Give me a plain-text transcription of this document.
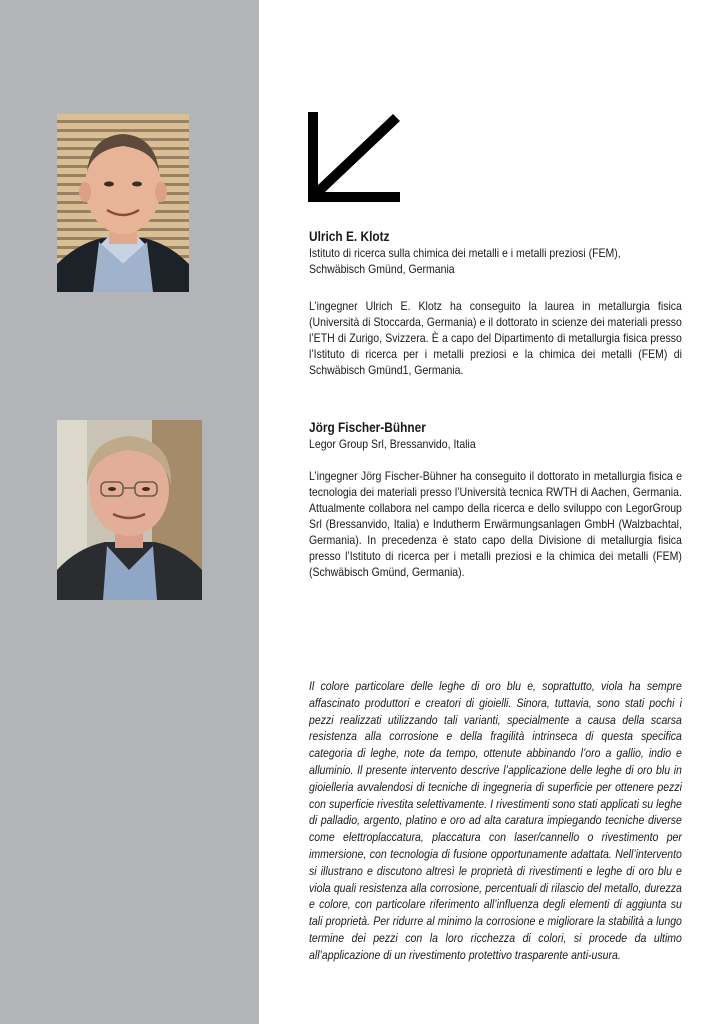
Ulrich E. Klotz

Istituto di ricerca sulla chimica dei metalli e i metalli preziosi (FEM),

Schwäbisch Gmünd, Germania

L’ingegner Ulrich E. Klotz ha conseguito la laurea in metallurgia fisica (Università di Stoccarda, Germania) e il dottorato in scienze dei materiali presso l’ETH di Zurigo, Svizzera. È a capo del Dipartimento di metallurgia fisica presso l’Istituto di ricerca per i metalli preziosi e la chimica dei metalli (FEM) di Schwäbisch Gmünd1, Germania.
Jörg Fischer-Bühner

Legor Group Srl, Bressanvido, Italia

L’ingegner Jörg Fischer-Bühner ha conseguito il dottorato in metallurgia fisica e tecnologia dei materiali presso l’Università tecnica RWTH di Aachen, Germania. Attualmente collabora nel campo della ricerca e dello sviluppo con LegorGroup Srl (Bressanvido, Italia) e Indutherm Erwärmungsanlagen GmbH (Walzbachtal, Germania). In precedenza è stato capo della Divisione di metallurgia fisica presso l’Istituto di ricerca per i metalli preziosi e la chimica dei metalli (FEM) (Schwäbisch Gmünd, Germania).
Il colore particolare delle leghe di oro blu e, soprattutto, viola ha sempre affascinato produttori e creatori di gioielli. Sinora, tuttavia, sono stati pochi i pezzi realizzati utilizzando tali varianti, specialmente a causa della scarsa resistenza alla corrosione e della fragilità intrinseca di questa specifica categoria di leghe, note da tempo, ottenute abbinando l’oro a gallio, indio e alluminio. Il presente intervento descrive l’applicazione delle leghe di oro blu in gioielleria avvalendosi di tecniche di ingegneria di superficie per ottenere pezzi con superficie rivestita selettivamente. I rivestimenti sono stati applicati su leghe di palladio, argento, platino e oro ad alta caratura impiegando tecniche diverse come elettroplaccatura, placcatura con laser/cannello o rivestimento per immersione, con tecnologia di fusione opportunamente adattata. Nell’intervento si illustrano e discutono altresì le proprietà di rivestimenti e leghe di oro blu e viola quali resistenza alla corrosione, percentuali di rilascio del metallo, durezza e colore, con particolare riferimento all’influenza degli elementi di aggiunta su tali proprietà. Per ridurre al minimo la corrosione e migliorare la stabilità a lungo termine dei pezzi con la loro ricchezza di colori, si procede da ultimo all’applicazione di un rivestimento protettivo trasparente anti-usura.
